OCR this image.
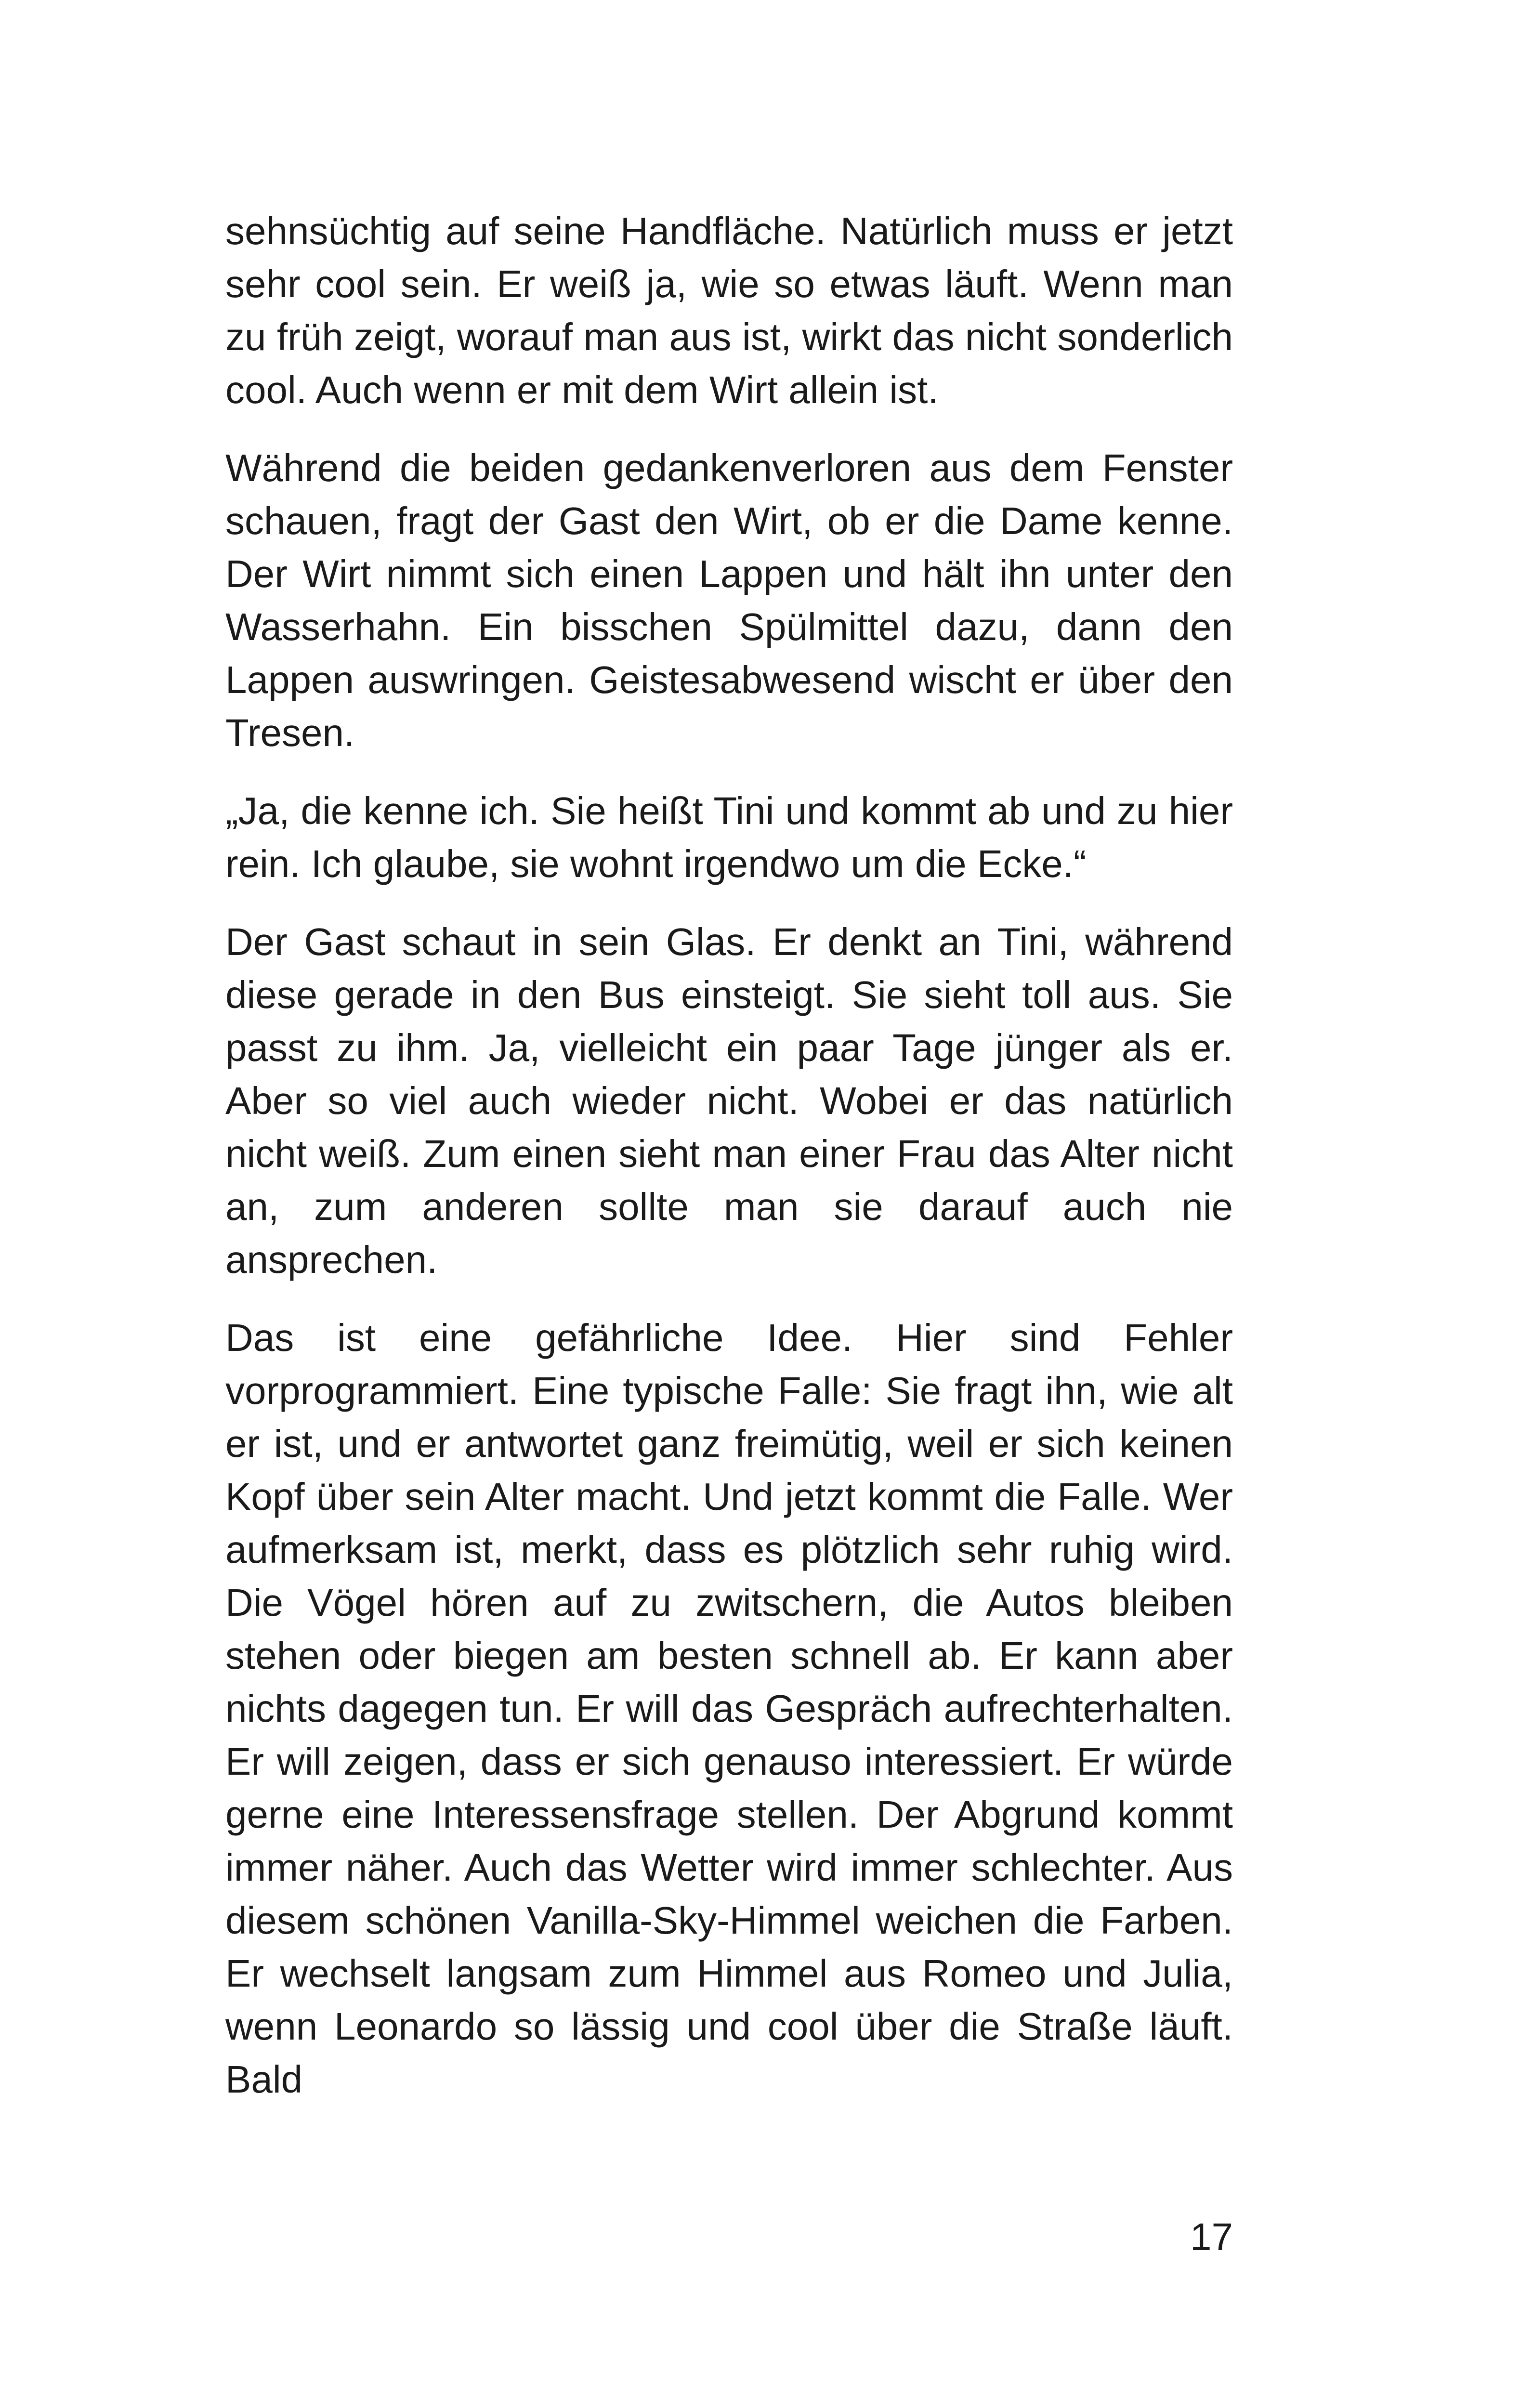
sehnsüchtig auf seine Handfläche. Natürlich muss er jetzt sehr cool sein. Er weiß ja, wie so etwas läuft. Wenn man zu früh zeigt, worauf man aus ist, wirkt das nicht sonderlich cool. Auch wenn er mit dem Wirt allein ist.

Während die beiden gedankenverloren aus dem Fenster schauen, fragt der Gast den Wirt, ob er die Dame kenne. Der Wirt nimmt sich einen Lappen und hält ihn unter den Wasserhahn. Ein bisschen Spülmittel dazu, dann den Lappen auswringen. Geistesabwesend wischt er über den Tresen.

„Ja, die kenne ich. Sie heißt Tini und kommt ab und zu hier rein. Ich glaube, sie wohnt irgendwo um die Ecke.“

Der Gast schaut in sein Glas. Er denkt an Tini, während diese gerade in den Bus einsteigt. Sie sieht toll aus. Sie passt zu ihm. Ja, vielleicht ein paar Tage jünger als er. Aber so viel auch wieder nicht. Wobei er das natürlich nicht weiß. Zum einen sieht man einer Frau das Alter nicht an, zum anderen sollte man sie darauf auch nie ansprechen.

Das ist eine gefährliche Idee. Hier sind Fehler vorprogrammiert. Eine typische Falle: Sie fragt ihn, wie alt er ist, und er antwortet ganz freimütig, weil er sich keinen Kopf über sein Alter macht. Und jetzt kommt die Falle. Wer aufmerksam ist, merkt, dass es plötzlich sehr ruhig wird. Die Vögel hören auf zu zwitschern, die Autos bleiben stehen oder biegen am besten schnell ab. Er kann aber nichts dagegen tun. Er will das Gespräch aufrechterhalten. Er will zeigen, dass er sich genauso interessiert. Er würde gerne eine Interessensfrage stellen. Der Abgrund kommt immer näher. Auch das Wetter wird immer schlechter. Aus diesem schönen Vanilla-Sky-Himmel weichen die Farben. Er wechselt langsam zum Himmel aus Romeo und Julia, wenn Leonardo so lässig und cool über die Straße läuft. Bald

17
